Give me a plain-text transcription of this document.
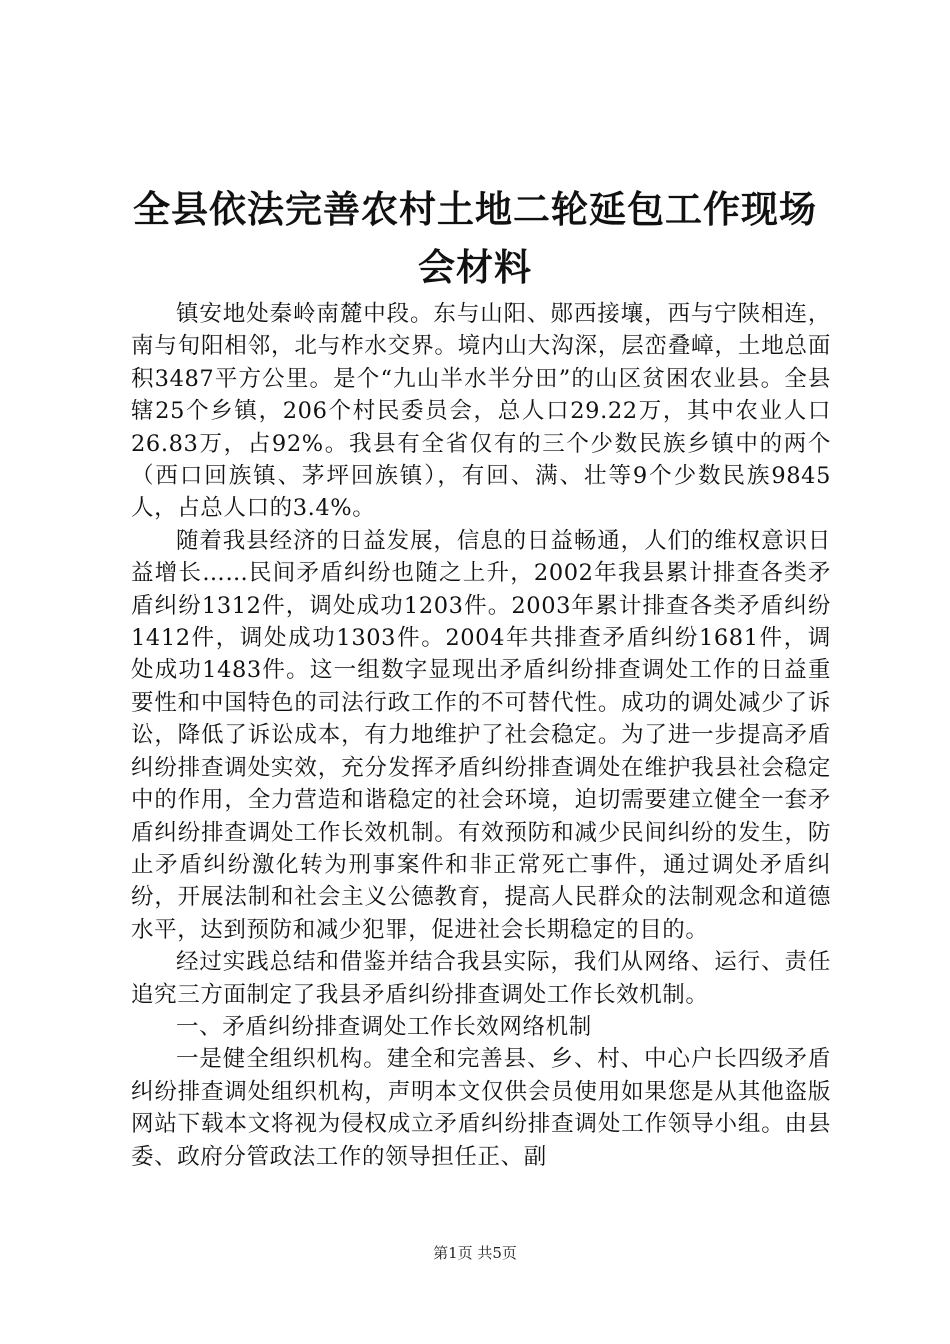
全县依法完善农村土地二轮延包工作现场会材料

镇安地处秦岭南麓中段。东与山阳、郧西接壤，西与宁陕相连，南与旬阳相邻，北与柞水交界。境内山大沟深，层峦叠嶂，土地总面积3487平方公里。是个“九山半水半分田”的山区贫困农业县。全县辖25个乡镇，206个村民委员会，总人口29.22万，其中农业人口26.83万，占92%。我县有全省仅有的三个少数民族乡镇中的两个（西口回族镇、茅坪回族镇），有回、满、壮等9个少数民族9845人，占总人口的3.4%。

随着我县经济的日益发展，信息的日益畅通，人们的维权意识日益增长……民间矛盾纠纷也随之上升，2002年我县累计排查各类矛盾纠纷1312件，调处成功1203件。2003年累计排查各类矛盾纠纷1412件，调处成功1303件。2004年共排查矛盾纠纷1681件，调处成功1483件。这一组数字显现出矛盾纠纷排查调处工作的日益重要性和中国特色的司法行政工作的不可替代性。成功的调处减少了诉讼，降低了诉讼成本，有力地维护了社会稳定。为了进一步提高矛盾纠纷排查调处实效，充分发挥矛盾纠纷排查调处在维护我县社会稳定中的作用，全力营造和谐稳定的社会环境，迫切需要建立健全一套矛盾纠纷排查调处工作长效机制。有效预防和减少民间纠纷的发生，防止矛盾纠纷激化转为刑事案件和非正常死亡事件，通过调处矛盾纠纷，开展法制和社会主义公德教育，提高人民群众的法制观念和道德水平，达到预防和减少犯罪，促进社会长期稳定的目的。

经过实践总结和借鉴并结合我县实际，我们从网络、运行、责任追究三方面制定了我县矛盾纠纷排查调处工作长效机制。

一、矛盾纠纷排查调处工作长效网络机制

一是健全组织机构。建全和完善县、乡、村、中心户长四级矛盾纠纷排查调处组织机构，声明本文仅供会员使用如果您是从其他盗版网站下载本文将视为侵权成立矛盾纠纷排查调处工作领导小组。由县委、政府分管政法工作的领导担任正、副

第1页 共5页
